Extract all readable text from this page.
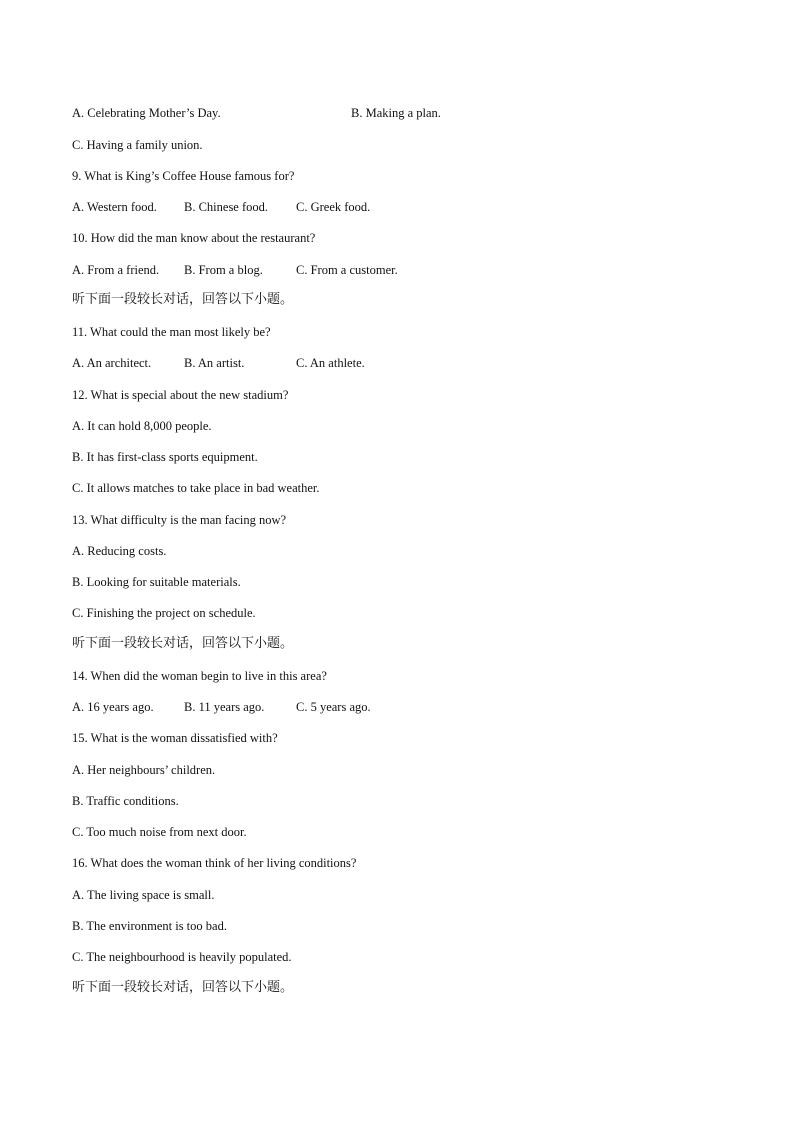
A. Celebrating Mother’s Day.	B. Making a plan.
C. Having a family union.
9. What is King’s Coffee House famous for?
A. Western food. B. Chinese food. C. Greek food.
10. How did the man know about the restaurant?
A. From a friend. B. From a blog.	C. From a customer.
听下面一段较长对话，回答以下小题。
11. What could the man most likely be?
A. An architect.	B. An artist.	C. An athlete.
12. What is special about the new stadium?
A. It can hold 8,000 people.
B. It has first-class sports equipment.
C. It allows matches to take place in bad weather.
13. What difficulty is the man facing now?
A. Reducing costs.
B. Looking for suitable materials.
C. Finishing the project on schedule.
听下面一段较长对话，回答以下小题。
14. When did the woman begin to live in this area?
A. 16 years ago. B. 11 years ago.	C. 5 years ago.
15. What is the woman dissatisfied with?
A. Her neighbours’ children.
B. Traffic conditions.
C. Too much noise from next door.
16. What does the woman think of her living conditions?
A. The living space is small.
B. The environment is too bad.
C. The neighbourhood is heavily populated.
听下面一段较长对话，回答以下小题。
